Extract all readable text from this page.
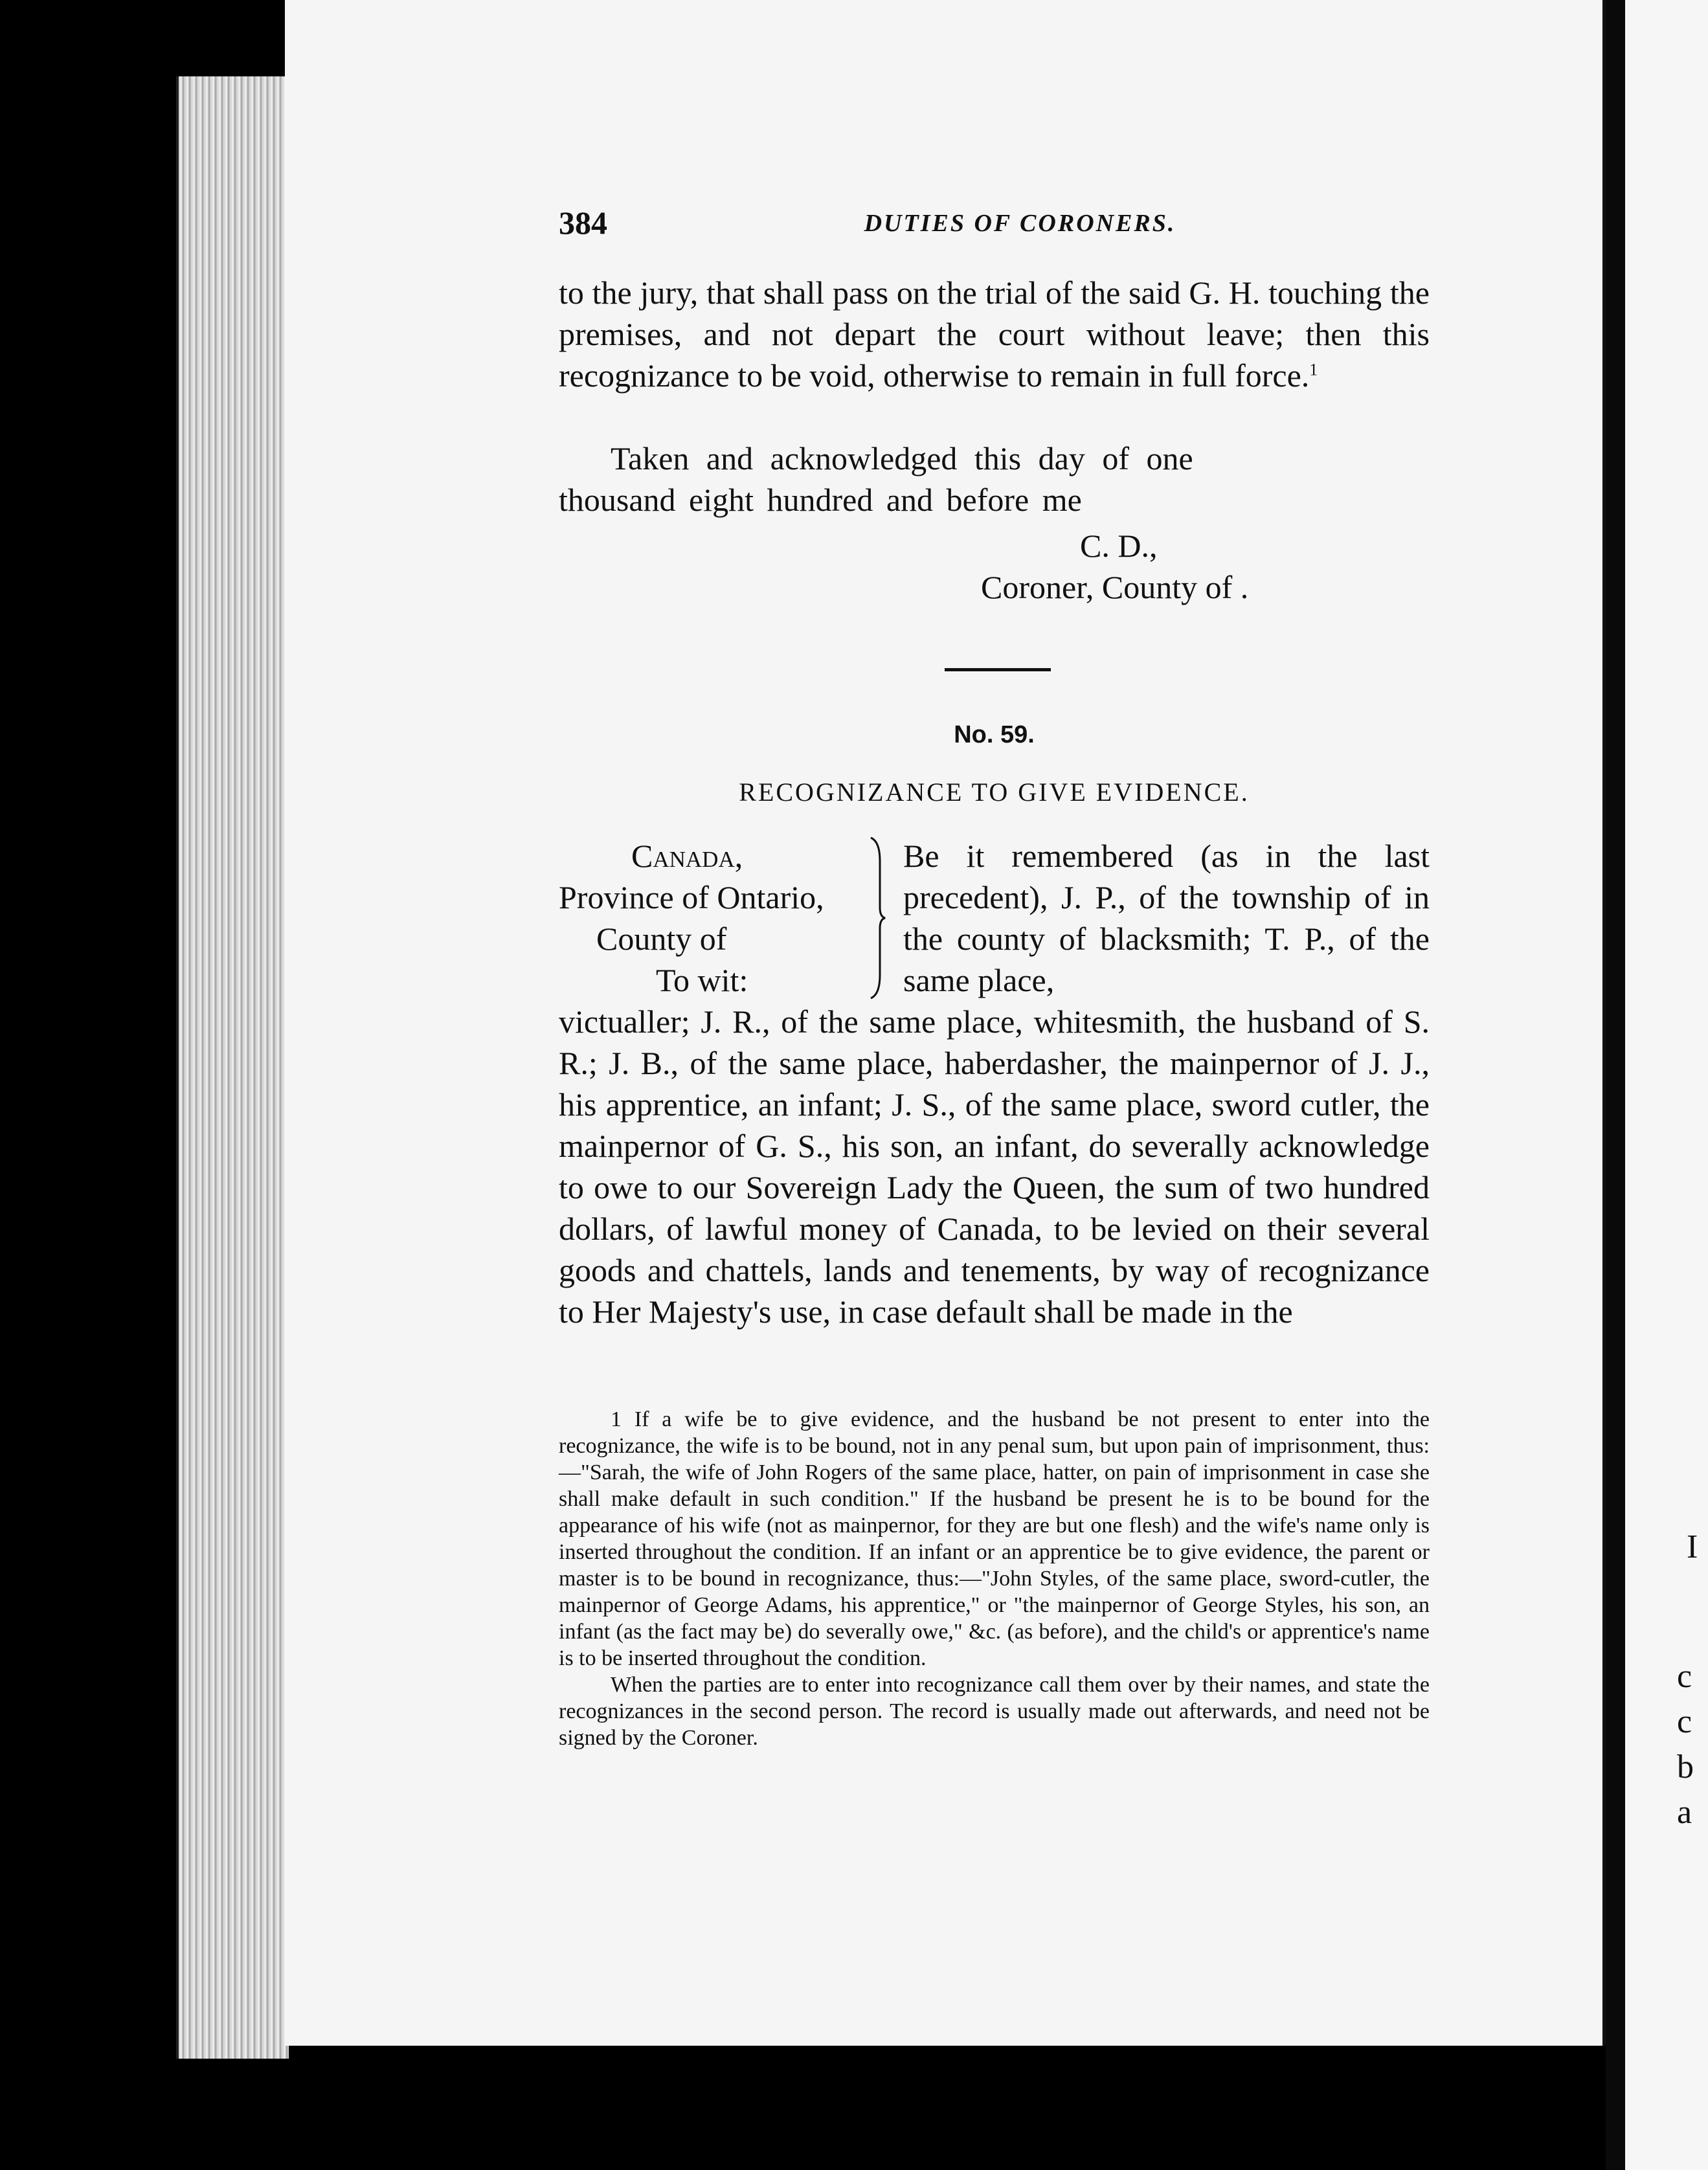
384	DUTIES OF CORONERS.
to the jury, that shall pass on the trial of the said G. H. touching the premises, and not depart the court without leave; then this recognizance to be void, otherwise to remain in full force.$^1$
Taken and acknowledged this day of one
thousand eight hundred and before me
C. D.,
Coroner, County of .
No. 59.
RECOGNIZANCE TO GIVE EVIDENCE.
Canada,
Province of Ontario,
County of
To wit:
Be it remembered (as in the last precedent), J. P., of the township of in the county of blacksmith; T. P., of the same place,
victualler; J. R., of the same place, whitesmith, the husband of S. R.; J. B., of the same place, haberdasher, the mainpernor of J. J., his apprentice, an infant; J. S., of the same place, sword cutler, the mainpernor of G. S., his son, an infant, do severally acknowledge to owe to our Sovereign Lady the Queen, the sum of two hundred dollars, of lawful money of Canada, to be levied on their several goods and chattels, lands and tenements, by way of recognizance to Her Majesty's use, in case default shall be made in the

1 If a wife be to give evidence, and the husband be not present to enter into the recognizance, the wife is to be bound, not in any penal sum, but upon pain of imprisonment, thus:—"Sarah, the wife of John Rogers of the same place, hatter, on pain of imprisonment in case she shall make default in such condition." If the husband be present he is to be bound for the appearance of his wife (not as mainpernor, for they are but one flesh) and the wife's name only is inserted throughout the condition. If an infant or an apprentice be to give evidence, the parent or master is to be bound in recognizance, thus:—"John Styles, of the same place, sword-cutler, the mainpernor of George Adams, his apprentice," or "the mainpernor of George Styles, his son, an infant (as the fact may be) do severally owe," &c. (as before), and the child's or apprentice's name is to be inserted throughout the condition.

When the parties are to enter into recognizance call them over by their names, and state the recognizances in the second person. The record is usually made out afterwards, and need not be signed by the Coroner.

I
c
c
b
a
